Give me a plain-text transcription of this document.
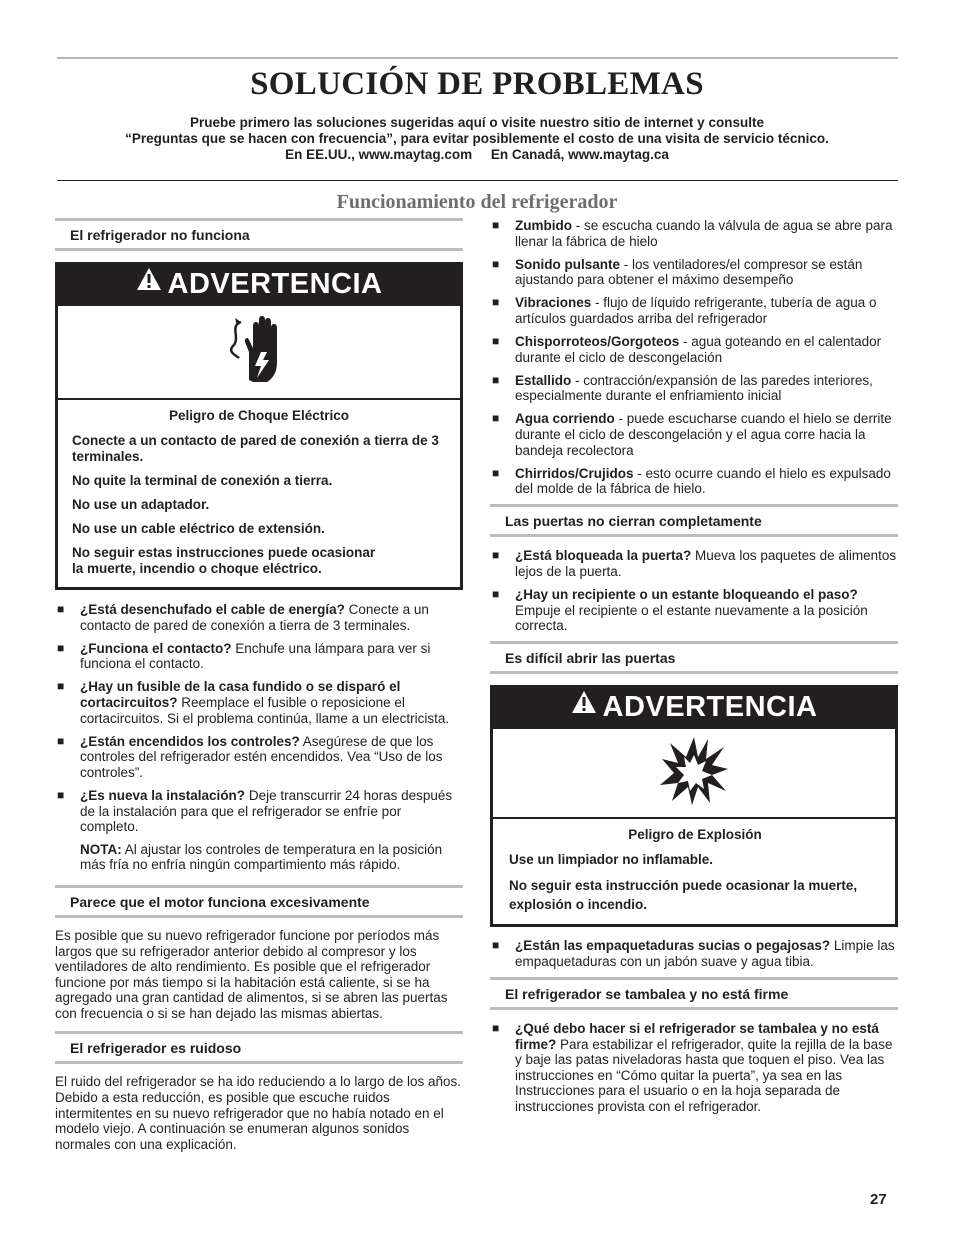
SOLUCIÓN DE PROBLEMAS
Pruebe primero las soluciones sugeridas aquí o visite nuestro sitio de internet y consulte
“Preguntas que se hacen con frecuencia”, para evitar posiblemente el costo de una visita de servicio técnico.
En EE.UU., www.maytag.com     En Canadá, www.maytag.ca
Funcionamiento del refrigerador
El refrigerador no funciona
ADVERTENCIA
Peligro de Choque Eléctrico

Conecte a un contacto de pared de conexión a tierra de 3 terminales.

No quite la terminal de conexión a tierra.

No use un adaptador.

No use un cable eléctrico de extensión.

No seguir estas instrucciones puede ocasionar
la muerte, incendio o choque eléctrico.

■ ¿Está desenchufado el cable de energía? Conecte a un contacto de pared de conexión a tierra de 3 terminales.
■ ¿Funciona el contacto? Enchufe una lámpara para ver si funciona el contacto.
■ ¿Hay un fusible de la casa fundido o se disparó el cortacircuitos? Reemplace el fusible o reposicione el cortacircuitos. Si el problema continúa, llame a un electricista.
■ ¿Están encendidos los controles? Asegúrese de que los controles del refrigerador estén encendidos. Vea “Uso de los controles”.
■ ¿Es nueva la instalación? Deje transcurrir 24 horas después de la instalación para que el refrigerador se enfríe por completo.

NOTA: Al ajustar los controles de temperatura en la posición más fría no enfría ningún compartimiento más rápido.

Parece que el motor funciona excesivamente

Es posible que su nuevo refrigerador funcione por períodos más largos que su refrigerador anterior debido al compresor y los ventiladores de alto rendimiento. Es posible que el refrigerador funcione por más tiempo si la habitación está caliente, si se ha agregado una gran cantidad de alimentos, si se abren las puertas con frecuencia o si se han dejado las mismas abiertas.

El refrigerador es ruidoso

El ruido del refrigerador se ha ido reduciendo a lo largo de los años. Debido a esta reducción, es posible que escuche ruidos intermitentes en su nuevo refrigerador que no había notado en el modelo viejo. A continuación se enumeran algunos sonidos normales con una explicación.

■ Zumbido - se escucha cuando la válvula de agua se abre para llenar la fábrica de hielo
■ Sonido pulsante - los ventiladores/el compresor se están ajustando para obtener el máximo desempeño
■ Vibraciones - flujo de líquido refrigerante, tubería de agua o artículos guardados arriba del refrigerador
■ Chisporroteos/Gorgoteos - agua goteando en el calentador durante el ciclo de descongelación
■ Estallido - contracción/expansión de las paredes interiores, especialmente durante el enfriamiento inicial
■ Agua corriendo - puede escucharse cuando el hielo se derrite durante el ciclo de descongelación y el agua corre hacia la bandeja recolectora
■ Chirridos/Crujidos - esto ocurre cuando el hielo es expulsado del molde de la fábrica de hielo.
Las puertas no cierran completamente
■ ¿Está bloqueada la puerta? Mueva los paquetes de alimentos lejos de la puerta.
■ ¿Hay un recipiente o un estante bloqueando el paso? Empuje el recipiente o el estante nuevamente a la posición correcta.
Es difícil abrir las puertas
ADVERTENCIA
Peligro de Explosión

Use un limpiador no inflamable.

No seguir esta instrucción puede ocasionar la muerte, explosión o incendio.

■ ¿Están las empaquetaduras sucias o pegajosas? Limpie las empaquetaduras con un jabón suave y agua tibia.
El refrigerador se tambalea y no está firme
■ ¿Qué debo hacer si el refrigerador se tambalea y no está firme? Para estabilizar el refrigerador, quite la rejilla de la base y baje las patas niveladoras hasta que toquen el piso. Vea las instrucciones en “Cómo quitar la puerta”, ya sea en las Instrucciones para el usuario o en la hoja separada de instrucciones provista con el refrigerador.
27
